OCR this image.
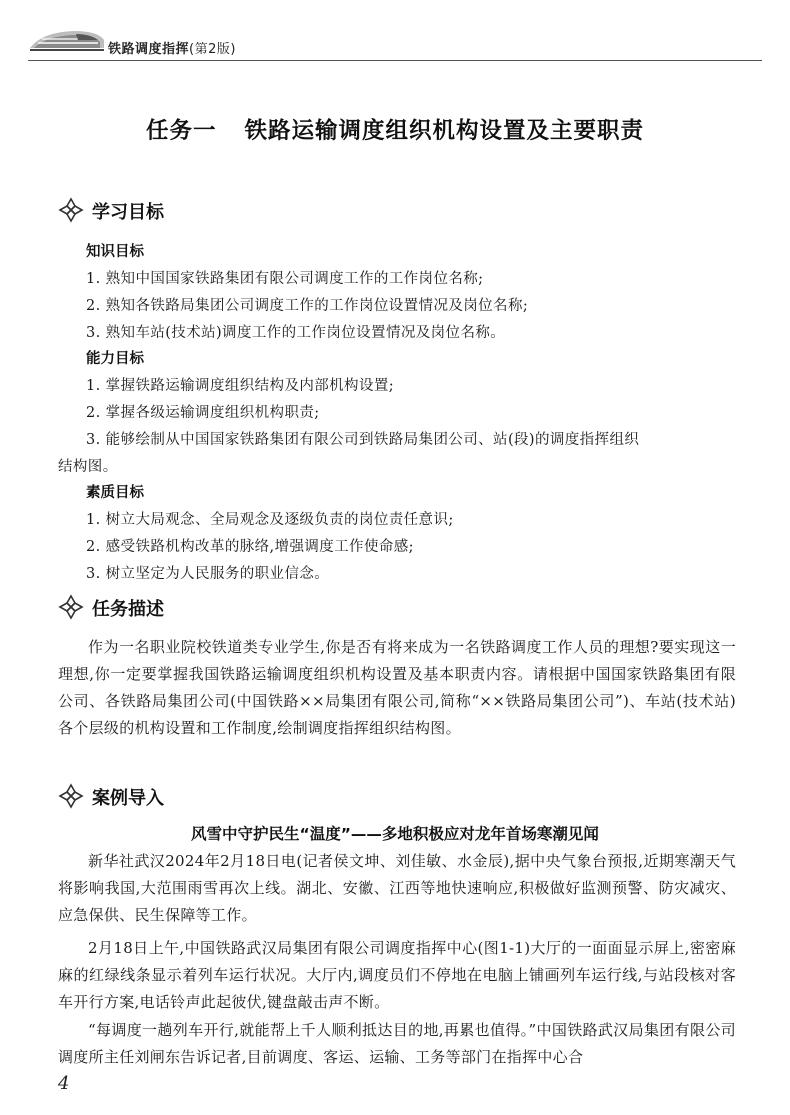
铁路调度指挥(第2版)
任务一 铁路运输调度组织机构设置及主要职责
学习目标
知识目标
1. 熟知中国国家铁路集团有限公司调度工作的工作岗位名称;
2. 熟知各铁路局集团公司调度工作的工作岗位设置情况及岗位名称;
3. 熟知车站(技术站)调度工作的工作岗位设置情况及岗位名称。
能力目标
1. 掌握铁路运输调度组织结构及内部机构设置;
2. 掌握各级运输调度组织机构职责;
3. 能够绘制从中国国家铁路集团有限公司到铁路局集团公司、站(段)的调度指挥组织
结构图。
素质目标
1. 树立大局观念、全局观念及逐级负责的岗位责任意识;
2. 感受铁路机构改革的脉络,增强调度工作使命感;
3. 树立坚定为人民服务的职业信念。
任务描述
作为一名职业院校铁道类专业学生,你是否有将来成为一名铁路调度工作人员的理想?要实现这一理想,你一定要掌握我国铁路运输调度组织机构设置及基本职责内容。请根据中国国家铁路集团有限公司、各铁路局集团公司(中国铁路××局集团有限公司,简称“××铁路局集团公司”)、车站(技术站)各个层级的机构设置和工作制度,绘制调度指挥组织结构图。
案例导入
风雪中守护民生“温度”——多地积极应对龙年首场寒潮见闻
新华社武汉2024年2月18日电(记者侯文坤、刘佳敏、水金辰),据中央气象台预报,近期寒潮天气将影响我国,大范围雨雪再次上线。湖北、安徽、江西等地快速响应,积极做好监测预警、防灾减灾、应急保供、民生保障等工作。
2月18日上午,中国铁路武汉局集团有限公司调度指挥中心(图1-1)大厅的一面面显示屏上,密密麻麻的红绿线条显示着列车运行状况。大厅内,调度员们不停地在电脑上铺画列车运行线,与站段核对客车开行方案,电话铃声此起彼伏,键盘敲击声不断。
“每调度一趟列车开行,就能帮上千人顺利抵达目的地,再累也值得。”中国铁路武汉局集团有限公司调度所主任刘闸东告诉记者,目前调度、客运、运输、工务等部门在指挥中心合
4
